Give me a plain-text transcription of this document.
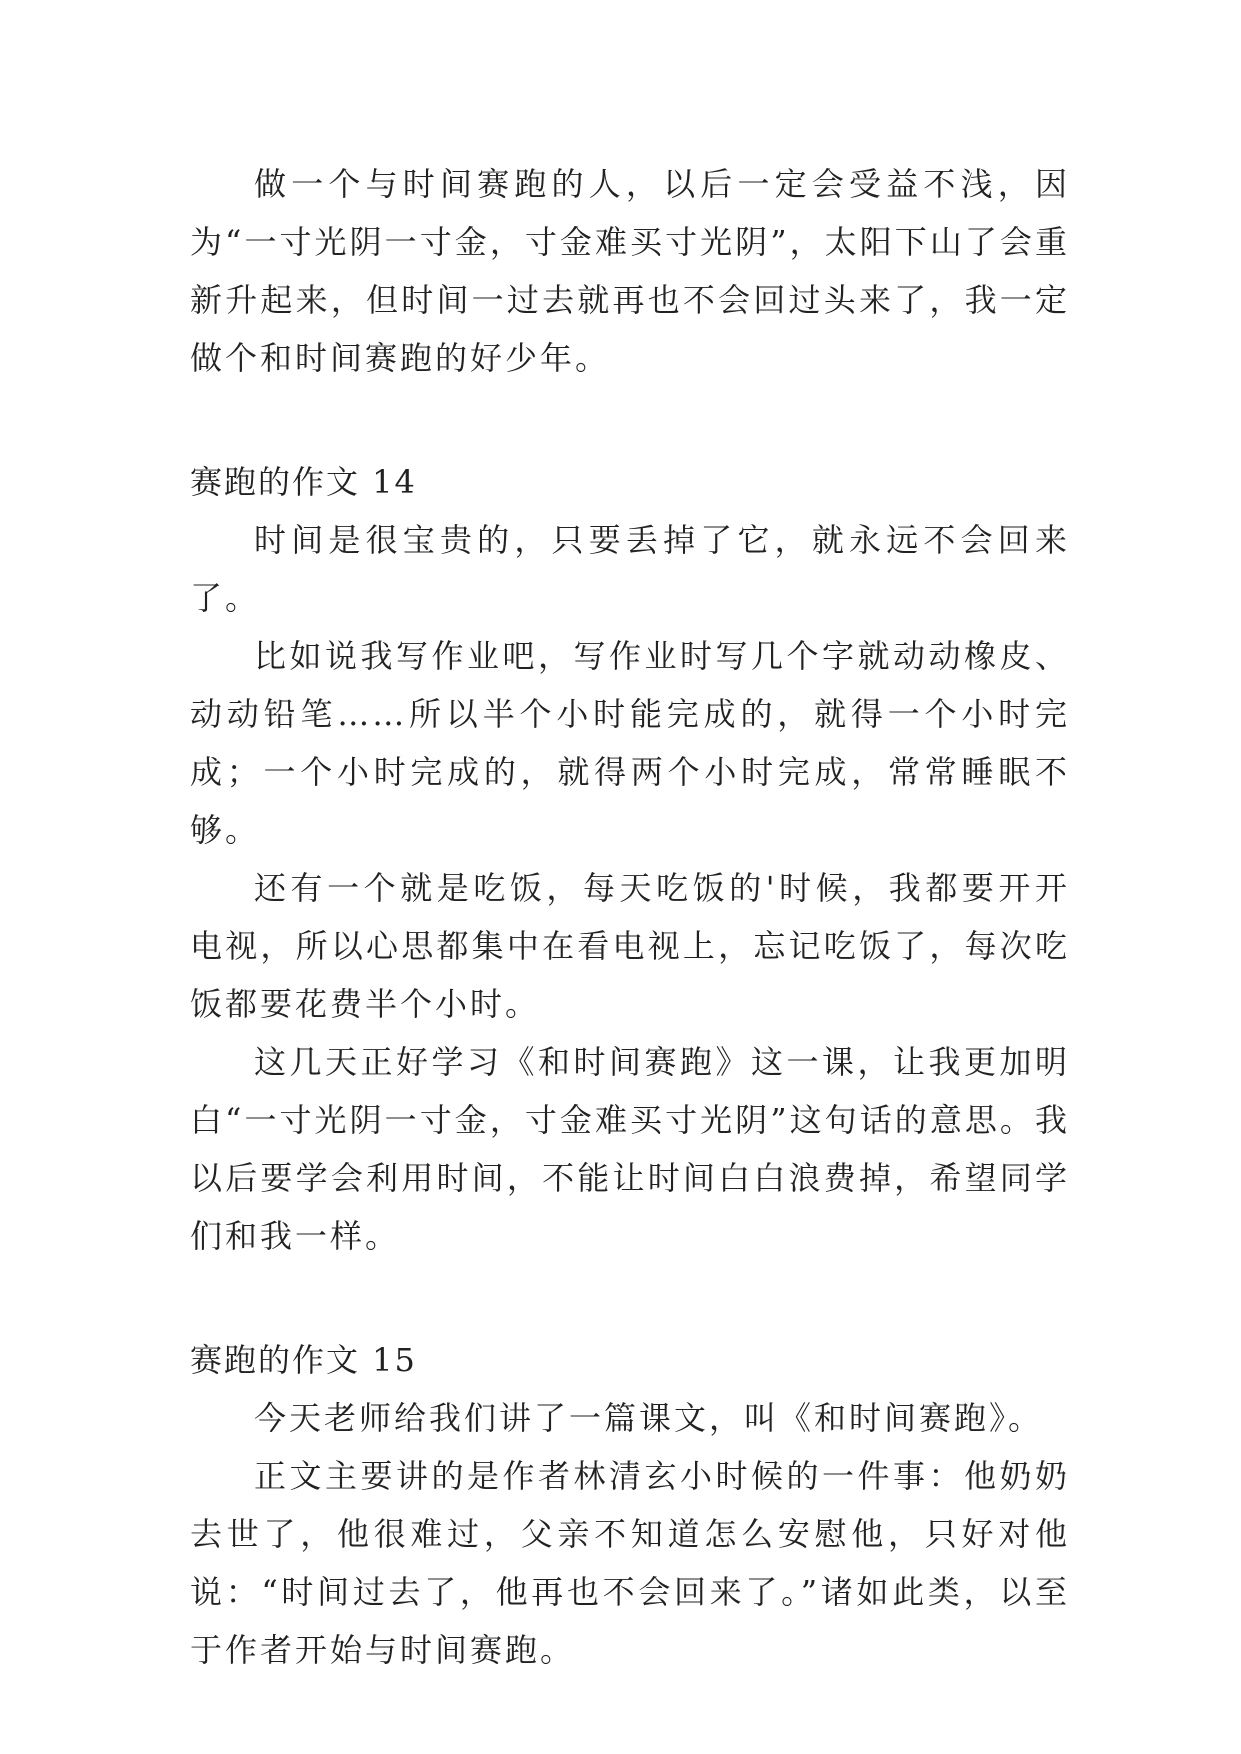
做一个与时间赛跑的人，以后一定会受益不浅，因为“一寸光阴一寸金，寸金难买寸光阴”，太阳下山了会重新升起来，但时间一过去就再也不会回过头来了，我一定做个和时间赛跑的好少年。

赛跑的作文 14

时间是很宝贵的，只要丢掉了它，就永远不会回来了。

比如说我写作业吧，写作业时写几个字就动动橡皮、动动铅笔……所以半个小时能完成的，就得一个小时完成；一个小时完成的，就得两个小时完成，常常睡眠不够。

还有一个就是吃饭，每天吃饭的'时候，我都要开开电视，所以心思都集中在看电视上，忘记吃饭了，每次吃饭都要花费半个小时。

这几天正好学习《和时间赛跑》这一课，让我更加明白“一寸光阴一寸金，寸金难买寸光阴”这句话的意思。我以后要学会利用时间，不能让时间白白浪费掉，希望同学们和我一样。

赛跑的作文 15

今天老师给我们讲了一篇课文，叫《和时间赛跑》。

正文主要讲的是作者林清玄小时候的一件事：他奶奶去世了，他很难过，父亲不知道怎么安慰他，只好对他说：“时间过去了，他再也不会回来了。”诸如此类，以至于作者开始与时间赛跑。
